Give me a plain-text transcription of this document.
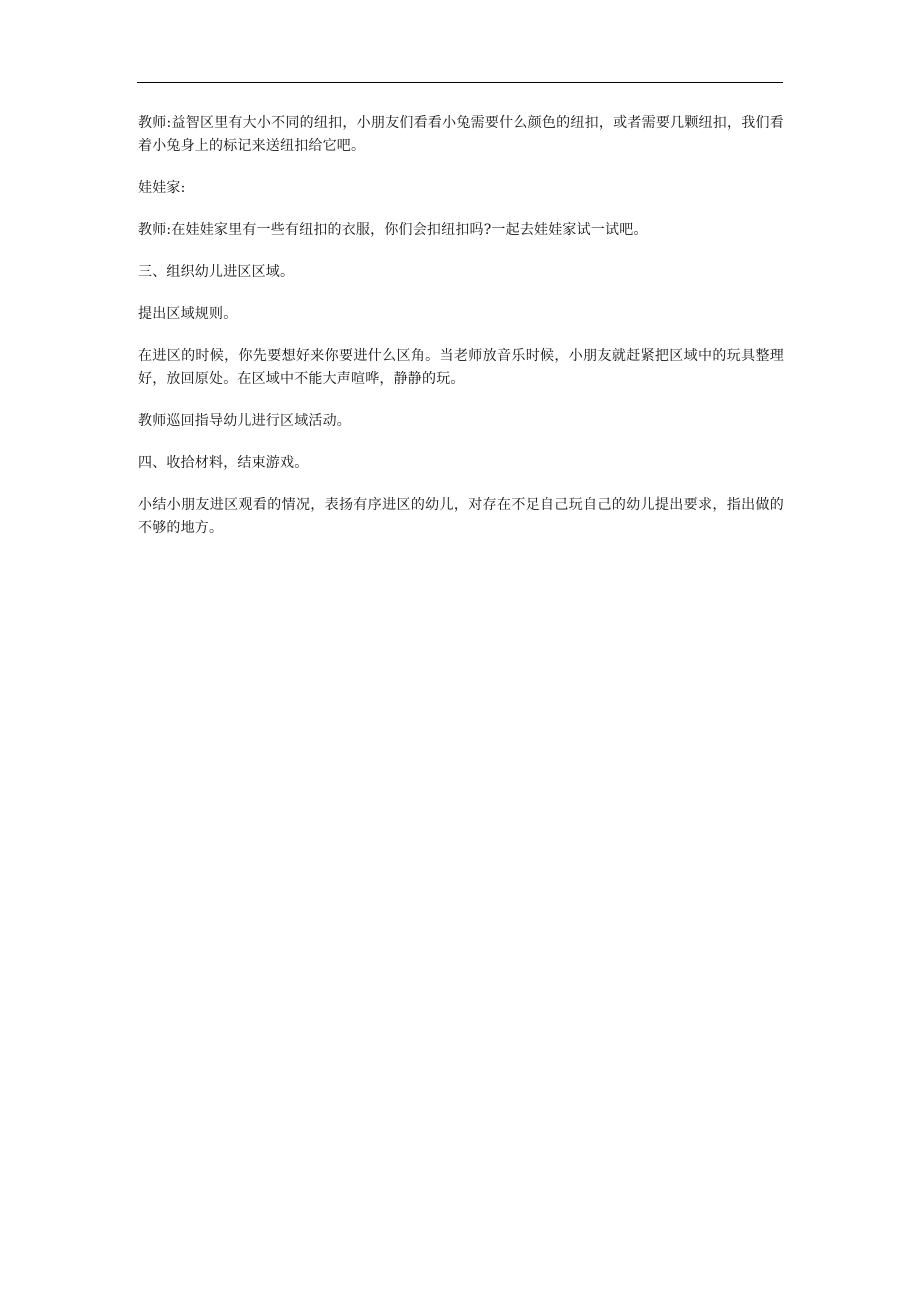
教师:益智区里有大小不同的纽扣，小朋友们看看小兔需要什么颜色的纽扣，或者需要几颗纽扣，我们看着小兔身上的标记来送纽扣给它吧。

娃娃家:

教师:在娃娃家里有一些有纽扣的衣服，你们会扣纽扣吗?一起去娃娃家试一试吧。

三、组织幼儿进区区域。

提出区域规则。

在进区的时候，你先要想好来你要进什么区角。当老师放音乐时候，小朋友就赶紧把区域中的玩具整理好，放回原处。在区域中不能大声喧哗，静静的玩。

教师巡回指导幼儿进行区域活动。

四、收拾材料，结束游戏。

小结小朋友进区观看的情况，表扬有序进区的幼儿，对存在不足自己玩自己的幼儿提出要求，指出做的不够的地方。
